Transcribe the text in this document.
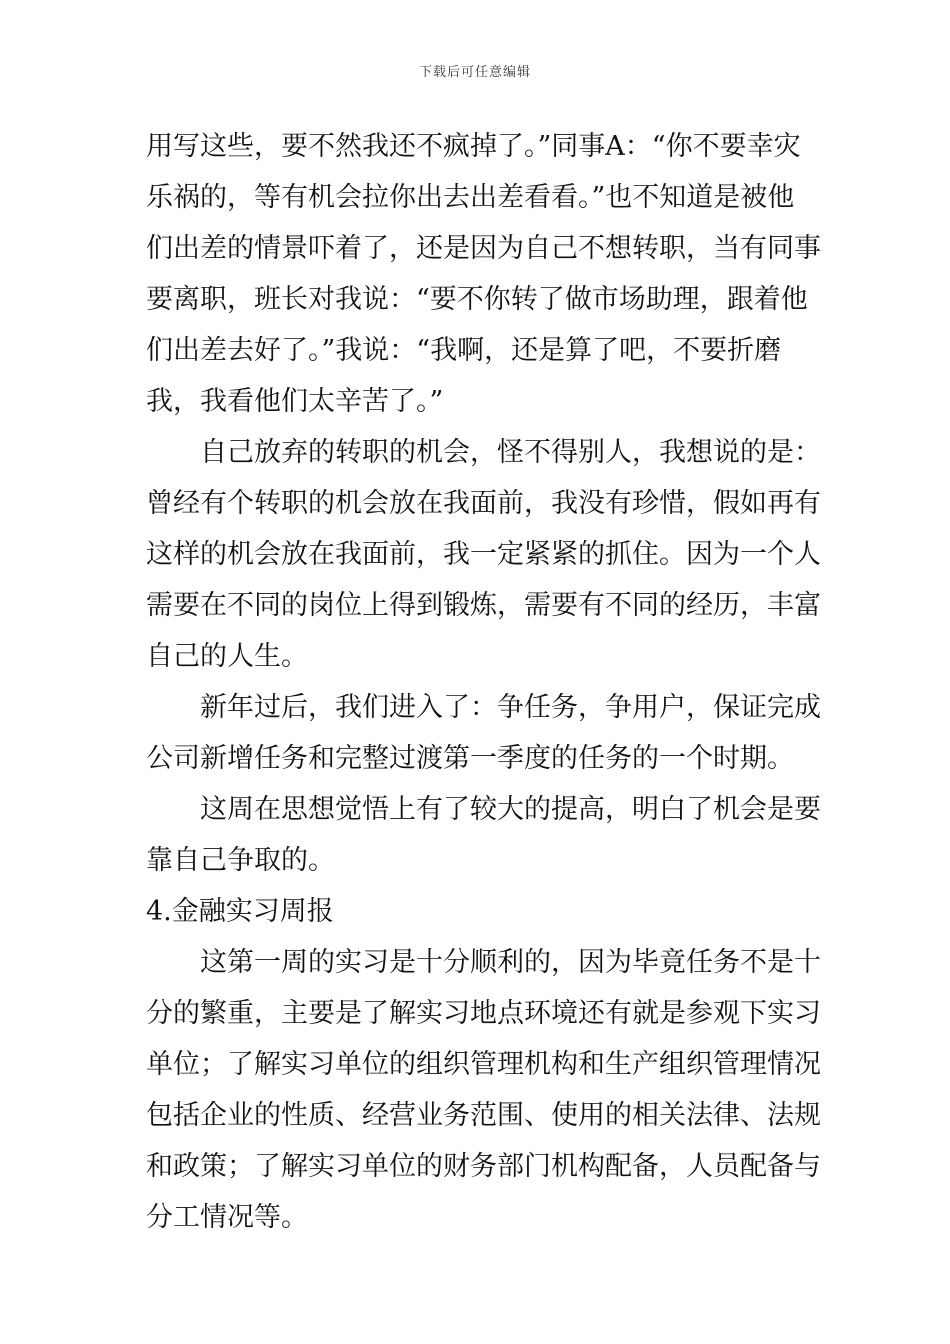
下载后可任意编辑
用写这些，要不然我还不疯掉了。”同事A：“你不要幸灾
乐祸的，等有机会拉你出去出差看看。”也不知道是被他
们出差的情景吓着了，还是因为自己不想转职，当有同事
要离职，班长对我说：“要不你转了做市场助理，跟着他
们出差去好了。”我说：“我啊，还是算了吧，不要折磨
我，我看他们太辛苦了。”
自己放弃的转职的机会，怪不得别人，我想说的是：
曾经有个转职的机会放在我面前，我没有珍惜，假如再有
这样的机会放在我面前，我一定紧紧的抓住。因为一个人
需要在不同的岗位上得到锻炼，需要有不同的经历，丰富
自己的人生。
新年过后，我们进入了：争任务，争用户，保证完成
公司新增任务和完整过渡第一季度的任务的一个时期。
这周在思想觉悟上有了较大的提高，明白了机会是要
靠自己争取的。
4.金融实习周报
这第一周的实习是十分顺利的，因为毕竟任务不是十
分的繁重，主要是了解实习地点环境还有就是参观下实习
单位；了解实习单位的组织管理机构和生产组织管理情况
包括企业的性质、经营业务范围、使用的相关法律、法规
和政策；了解实习单位的财务部门机构配备，人员配备与
分工情况等。
